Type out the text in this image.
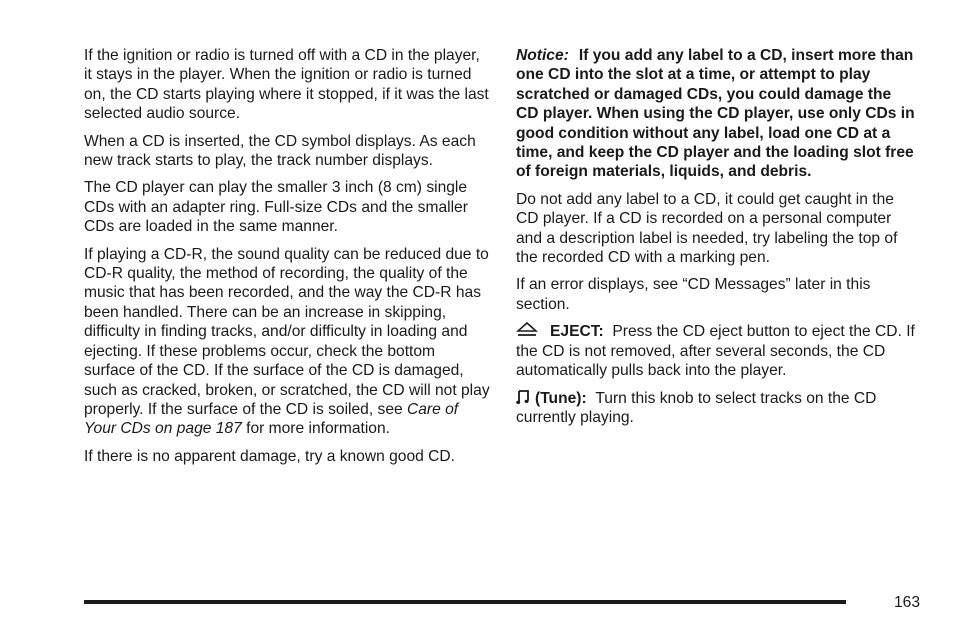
If the ignition or radio is turned off with a CD in the player, it stays in the player. When the ignition or radio is turned on, the CD starts playing where it stopped, if it was the last selected audio source.

When a CD is inserted, the CD symbol displays. As each new track starts to play, the track number displays.

The CD player can play the smaller 3 inch (8 cm) single CDs with an adapter ring. Full-size CDs and the smaller CDs are loaded in the same manner.

If playing a CD-R, the sound quality can be reduced due to CD-R quality, the method of recording, the quality of the music that has been recorded, and the way the CD-R has been handled. There can be an increase in skipping, difficulty in finding tracks, and/or difficulty in loading and ejecting. If these problems occur, check the bottom surface of the CD. If the surface of the CD is damaged, such as cracked, broken, or scratched, the CD will not play properly. If the surface of the CD is soiled, see Care of Your CDs on page 187 for more information.

If there is no apparent damage, try a known good CD.

Notice: If you add any label to a CD, insert more than one CD into the slot at a time, or attempt to play scratched or damaged CDs, you could damage the CD player. When using the CD player, use only CDs in good condition without any label, load one CD at a time, and keep the CD player and the loading slot free of foreign materials, liquids, and debris.

Do not add any label to a CD, it could get caught in the CD player. If a CD is recorded on a personal computer and a description label is needed, try labeling the top of the recorded CD with a marking pen.

If an error displays, see “CD Messages” later in this section.

EJECT: Press the CD eject button to eject the CD. If the CD is not removed, after several seconds, the CD automatically pulls back into the player.

(Tune): Turn this knob to select tracks on the CD currently playing.

163
